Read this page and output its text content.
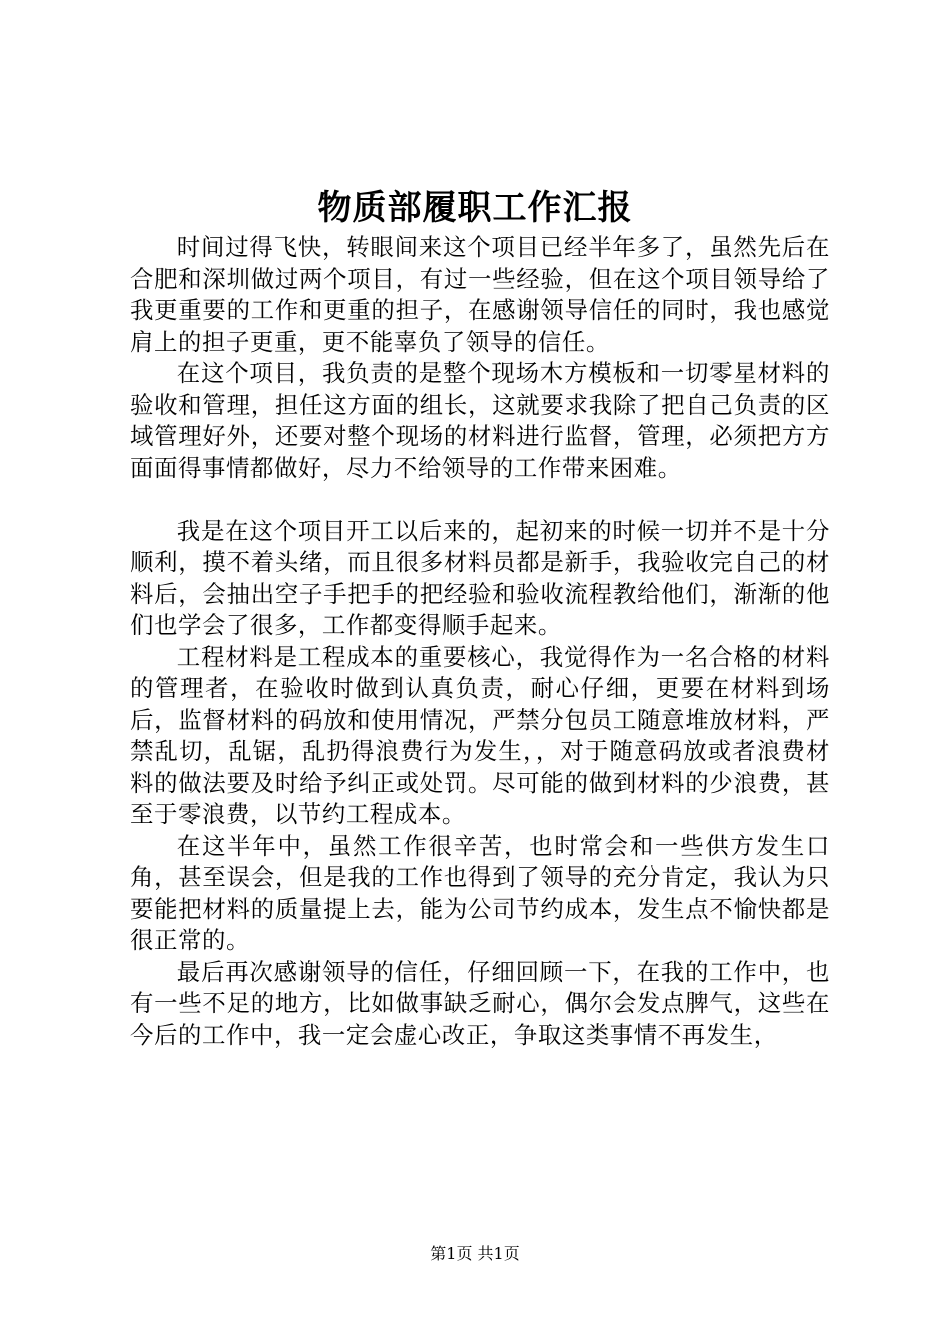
物质部履职工作汇报

时间过得飞快，转眼间来这个项目已经半年多了，虽然先后在合肥和深圳做过两个项目，有过一些经验，但在这个项目领导给了我更重要的工作和更重的担子，在感谢领导信任的同时，我也感觉肩上的担子更重，更不能辜负了领导的信任。

在这个项目，我负责的是整个现场木方模板和一切零星材料的验收和管理，担任这方面的组长，这就要求我除了把自己负责的区域管理好外，还要对整个现场的材料进行监督，管理，必须把方方面面得事情都做好，尽力不给领导的工作带来困难。

我是在这个项目开工以后来的，起初来的时候一切并不是十分顺利，摸不着头绪，而且很多材料员都是新手，我验收完自己的材料后，会抽出空子手把手的把经验和验收流程教给他们，渐渐的他们也学会了很多，工作都变得顺手起来。

工程材料是工程成本的重要核心，我觉得作为一名合格的材料的管理者，在验收时做到认真负责，耐心仔细，更要在材料到场后，监督材料的码放和使用情况，严禁分包员工随意堆放材料，严禁乱切，乱锯，乱扔得浪费行为发生，，对于随意码放或者浪费材料的做法要及时给予纠正或处罚。尽可能的做到材料的少浪费，甚至于零浪费，以节约工程成本。

在这半年中，虽然工作很辛苦，也时常会和一些供方发生口角，甚至误会，但是我的工作也得到了领导的充分肯定，我认为只要能把材料的质量提上去，能为公司节约成本，发生点不愉快都是很正常的。

最后再次感谢领导的信任，仔细回顾一下，在我的工作中，也有一些不足的地方，比如做事缺乏耐心，偶尔会发点脾气，这些在今后的工作中，我一定会虚心改正，争取这类事情不再发生，

第1页 共1页
